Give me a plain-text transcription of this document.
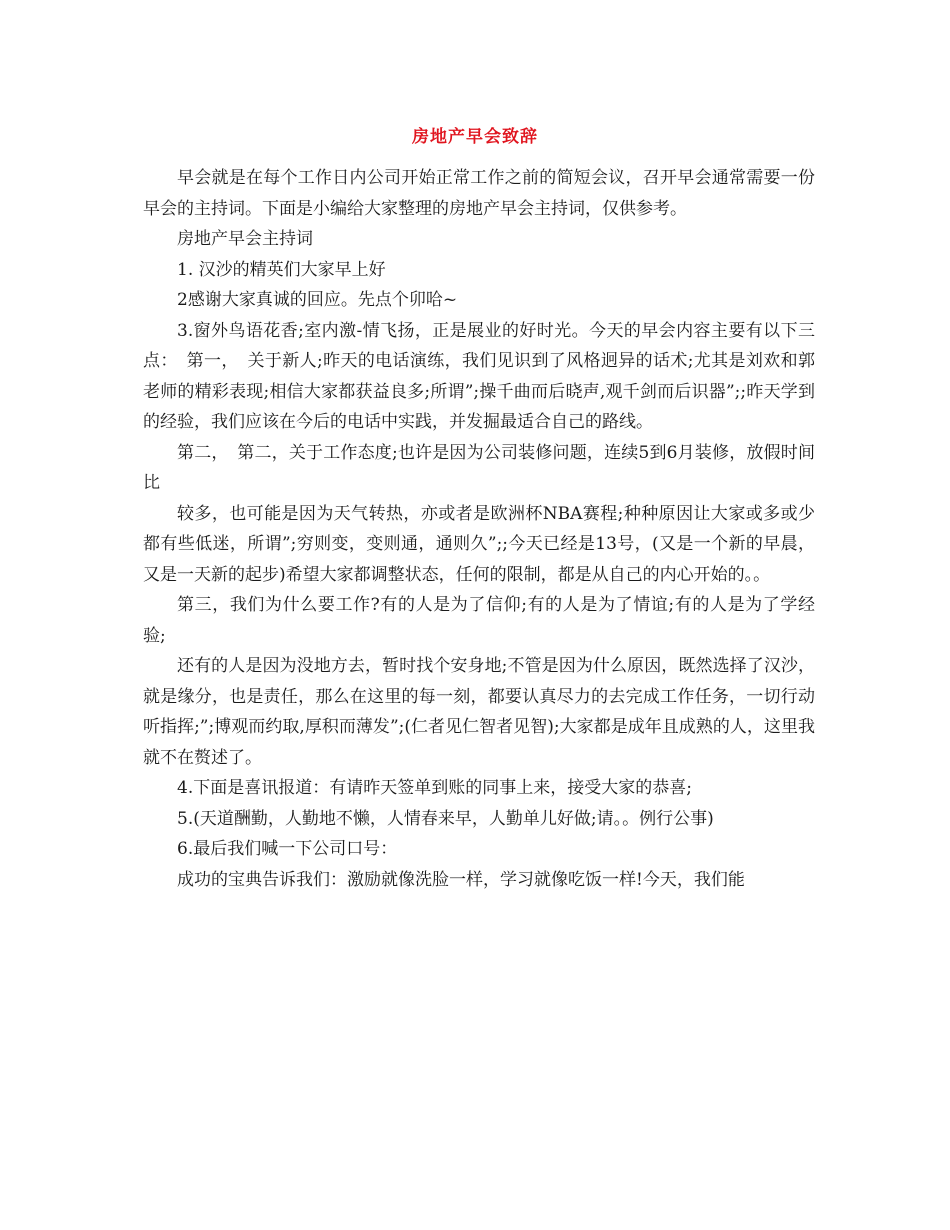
房地产早会致辞

早会就是在每个工作日内公司开始正常工作之前的简短会议，召开早会通常需要一份早会的主持词。下面是小编给大家整理的房地产早会主持词，仅供参考。

房地产早会主持词

1. 汉沙的精英们大家早上好

2感谢大家真诚的回应。先点个卯哈~

3.窗外鸟语花香;室内激-情飞扬，正是展业的好时光。今天的早会内容主要有以下三点：　第一，　关于新人;昨天的电话演练，我们见识到了风格迥异的话术;尤其是刘欢和郭老师的精彩表现;相信大家都获益良多;所谓”;操千曲而后晓声,观千剑而后识器”;;昨天学到的经验，我们应该在今后的电话中实践，并发掘最适合自己的路线。

第二，　第二，关于工作态度;也许是因为公司装修问题，连续5到6月装修，放假时间比

较多，也可能是因为天气转热，亦或者是欧洲杯NBA赛程;种种原因让大家或多或少都有些低迷，所谓”;穷则变，变则通，通则久”;;今天已经是13号，(又是一个新的早晨，又是一天新的起步)希望大家都调整状态，任何的限制，都是从自己的内心开始的。。

第三，我们为什么要工作?有的人是为了信仰;有的人是为了情谊;有的人是为了学经验;

还有的人是因为没地方去，暂时找个安身地;不管是因为什么原因，既然选择了汉沙，就是缘分，也是责任，那么在这里的每一刻，都要认真尽力的去完成工作任务，一切行动听指挥;”;博观而约取,厚积而薄发”;(仁者见仁智者见智);大家都是成年且成熟的人，这里我就不在赘述了。

4.下面是喜讯报道：有请昨天签单到账的同事上来，接受大家的恭喜;

5.(天道酬勤，人勤地不懒，人情春来早，人勤单儿好做;请。。例行公事)

6.最后我们喊一下公司口号：

成功的宝典告诉我们：激励就像洗脸一样，学习就像吃饭一样!今天，我们能
